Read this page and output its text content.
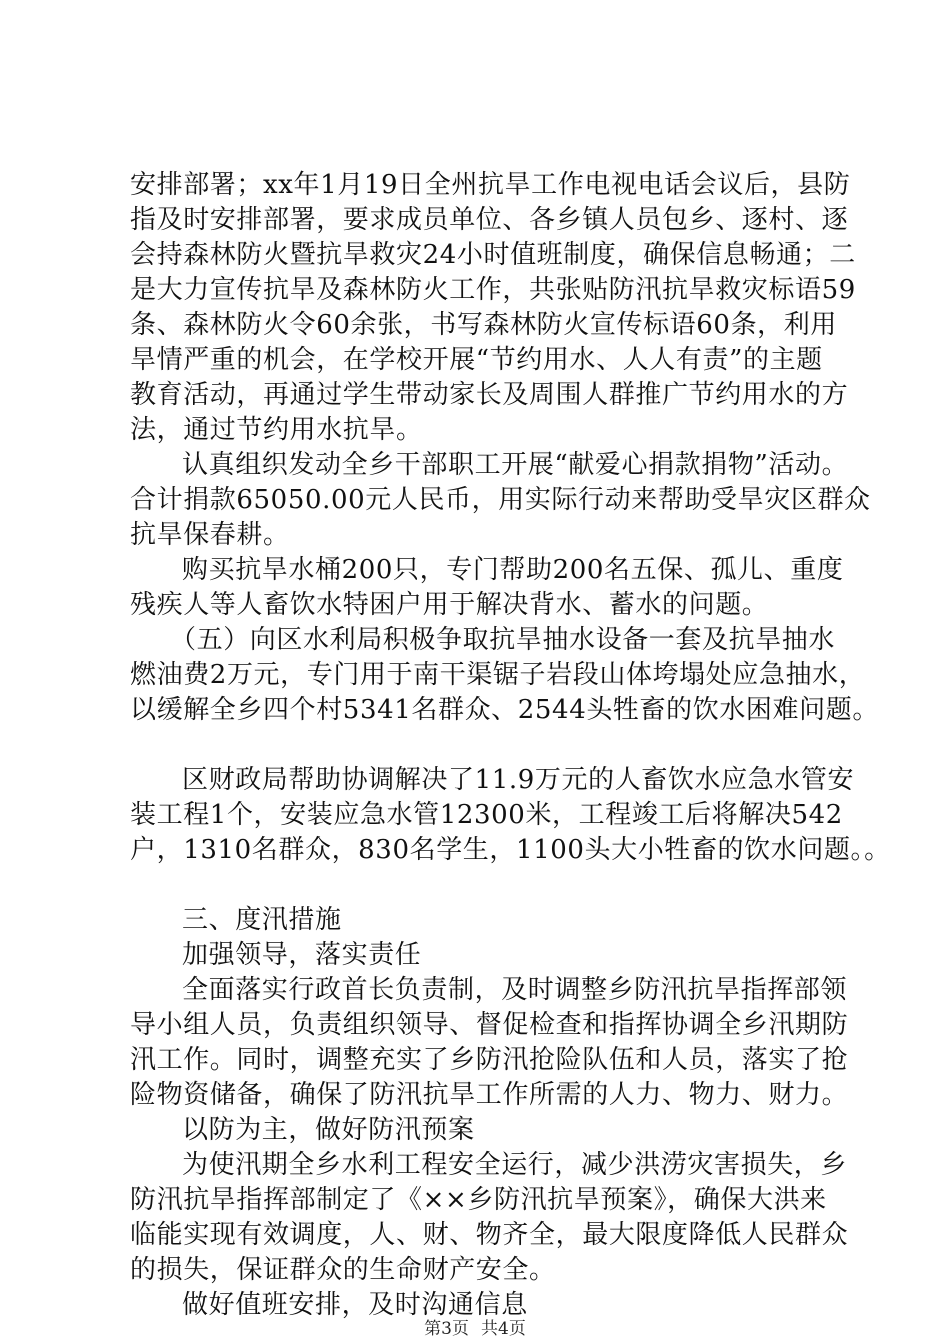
安排部署；xx年1月19日全州抗旱工作电视电话会议后，县防

指及时安排部署，要求成员单位、各乡镇人员包乡、逐村、逐

会持森林防火暨抗旱救灾24小时值班制度，确保信息畅通；二

是大力宣传抗旱及森林防火工作，共张贴防汛抗旱救灾标语59

条、森林防火令60余张，书写森林防火宣传标语60条，利用

旱情严重的机会，在学校开展“节约用水、人人有责”的主题

教育活动，再通过学生带动家长及周围人群推广节约用水的方

法，通过节约用水抗旱。

认真组织发动全乡干部职工开展“献爱心捐款捐物”活动。

合计捐款65050.00元人民币，用实际行动来帮助受旱灾区群众

抗旱保春耕。

购买抗旱水桶200只，专门帮助200名五保、孤儿、重度

残疾人等人畜饮水特困户用于解决背水、蓄水的问题。

（五）向区水利局积极争取抗旱抽水设备一套及抗旱抽水

燃油费2万元，专门用于南干渠锯子岩段山体垮塌处应急抽水，

以缓解全乡四个村5341名群众、2544头牲畜的饮水困难问题。

区财政局帮助协调解决了11.9万元的人畜饮水应急水管安

装工程1个，安装应急水管12300米，工程竣工后将解决542

户，1310名群众，830名学生，1100头大小牲畜的饮水问题。。

三、度汛措施

加强领导，落实责任

全面落实行政首长负责制，及时调整乡防汛抗旱指挥部领

导小组人员，负责组织领导、督促检查和指挥协调全乡汛期防

汛工作。同时，调整充实了乡防汛抢险队伍和人员，落实了抢

险物资储备，确保了防汛抗旱工作所需的人力、物力、财力。

以防为主，做好防汛预案

为使汛期全乡水利工程安全运行，减少洪涝灾害损失，乡

防汛抗旱指挥部制定了《××乡防汛抗旱预案》，确保大洪来

临能实现有效调度，人、财、物齐全，最大限度降低人民群众

的损失，保证群众的生命财产安全。

做好值班安排，及时沟通信息

第3页 共4页
